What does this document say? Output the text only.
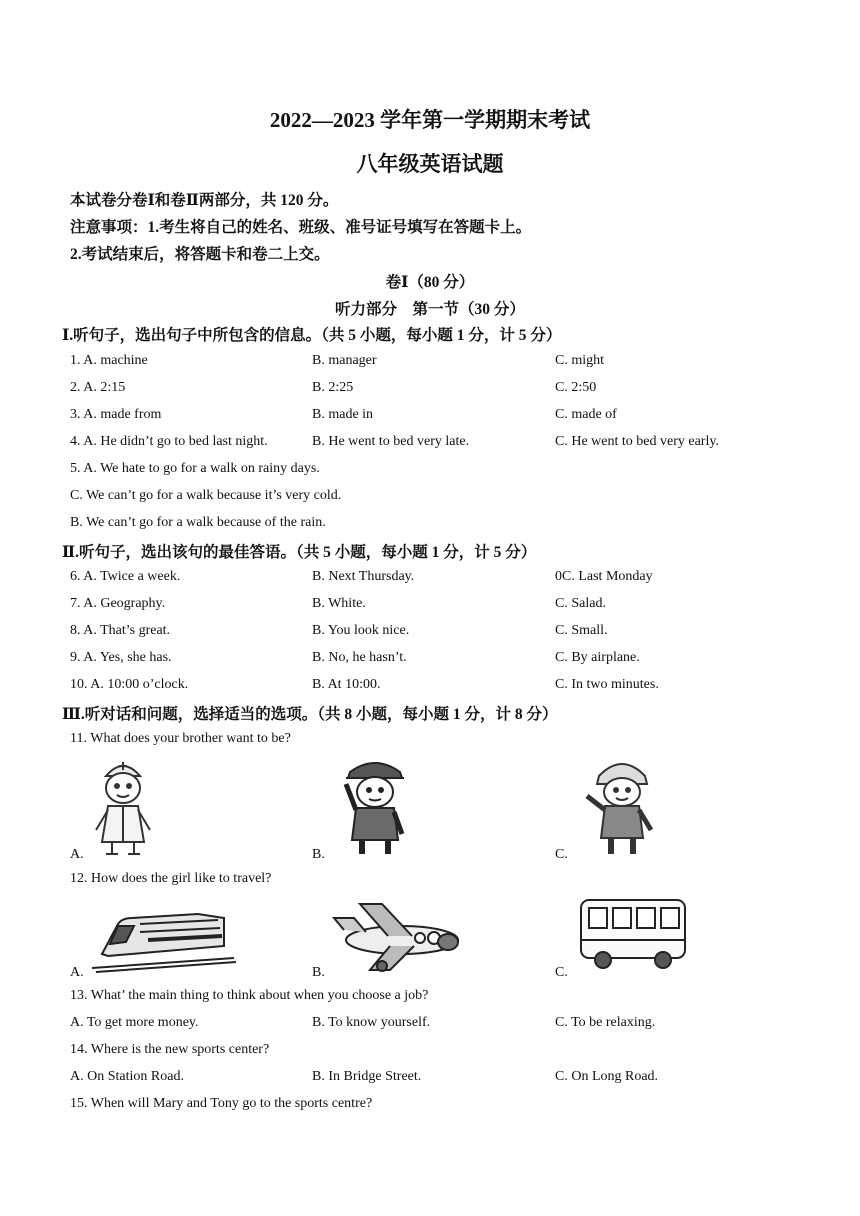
2022—2023 学年第一学期期末考试
八年级英语试题
本试卷分卷Ⅰ和卷Ⅱ两部分，共 120 分。
注意事项：1.考生将自己的姓名、班级、准号证号填写在答题卡上。
2.考试结束后，将答题卡和卷二上交。
卷Ⅰ（80 分）
听力部分　第一节（30 分）
Ⅰ.听句子，选出句子中所包含的信息。（共 5 小题，每小题 1 分，计 5 分）
1. A. machine	B. manager	C. might
2. A. 2:15	B. 2:25	C. 2:50
3. A. made from	B. made in	C. made of
4. A. He didn’t go to bed last night.	B. He went to bed very late.	C. He went to bed very early.
5. A. We hate to go for a walk on rainy days.
C. We can’t go for a walk because it’s very cold.
B. We can’t go for a walk because of the rain.
Ⅱ.听句子，选出该句的最佳答语。（共 5 小题，每小题 1 分，计 5 分）
6. A. Twice a week.	B. Next Thursday.	0C. Last Monday
7. A. Geography.	B. White.	C. Salad.
8. A. That’s great.	B. You look nice.	C. Small.
9. A. Yes, she has.	B. No, he hasn’t.	C. By airplane.
10. A. 10:00 o’clock.	B. At 10:00.	C. In two minutes.
Ⅲ.听对话和问题，选择适当的选项。（共 8 小题，每小题 1 分，计 8 分）
11. What does your brother want to be?
A.	B.	C.
12. How does the girl like to travel?
A.	B.	C.
13. What’ the main thing to think about when you choose a job?
A. To get more money.	B. To know yourself.	C. To be relaxing.
14. Where is the new sports center?
A. On Station Road.	B. In Bridge Street.	C. On Long Road.
15. When will Mary and Tony go to the sports centre?
